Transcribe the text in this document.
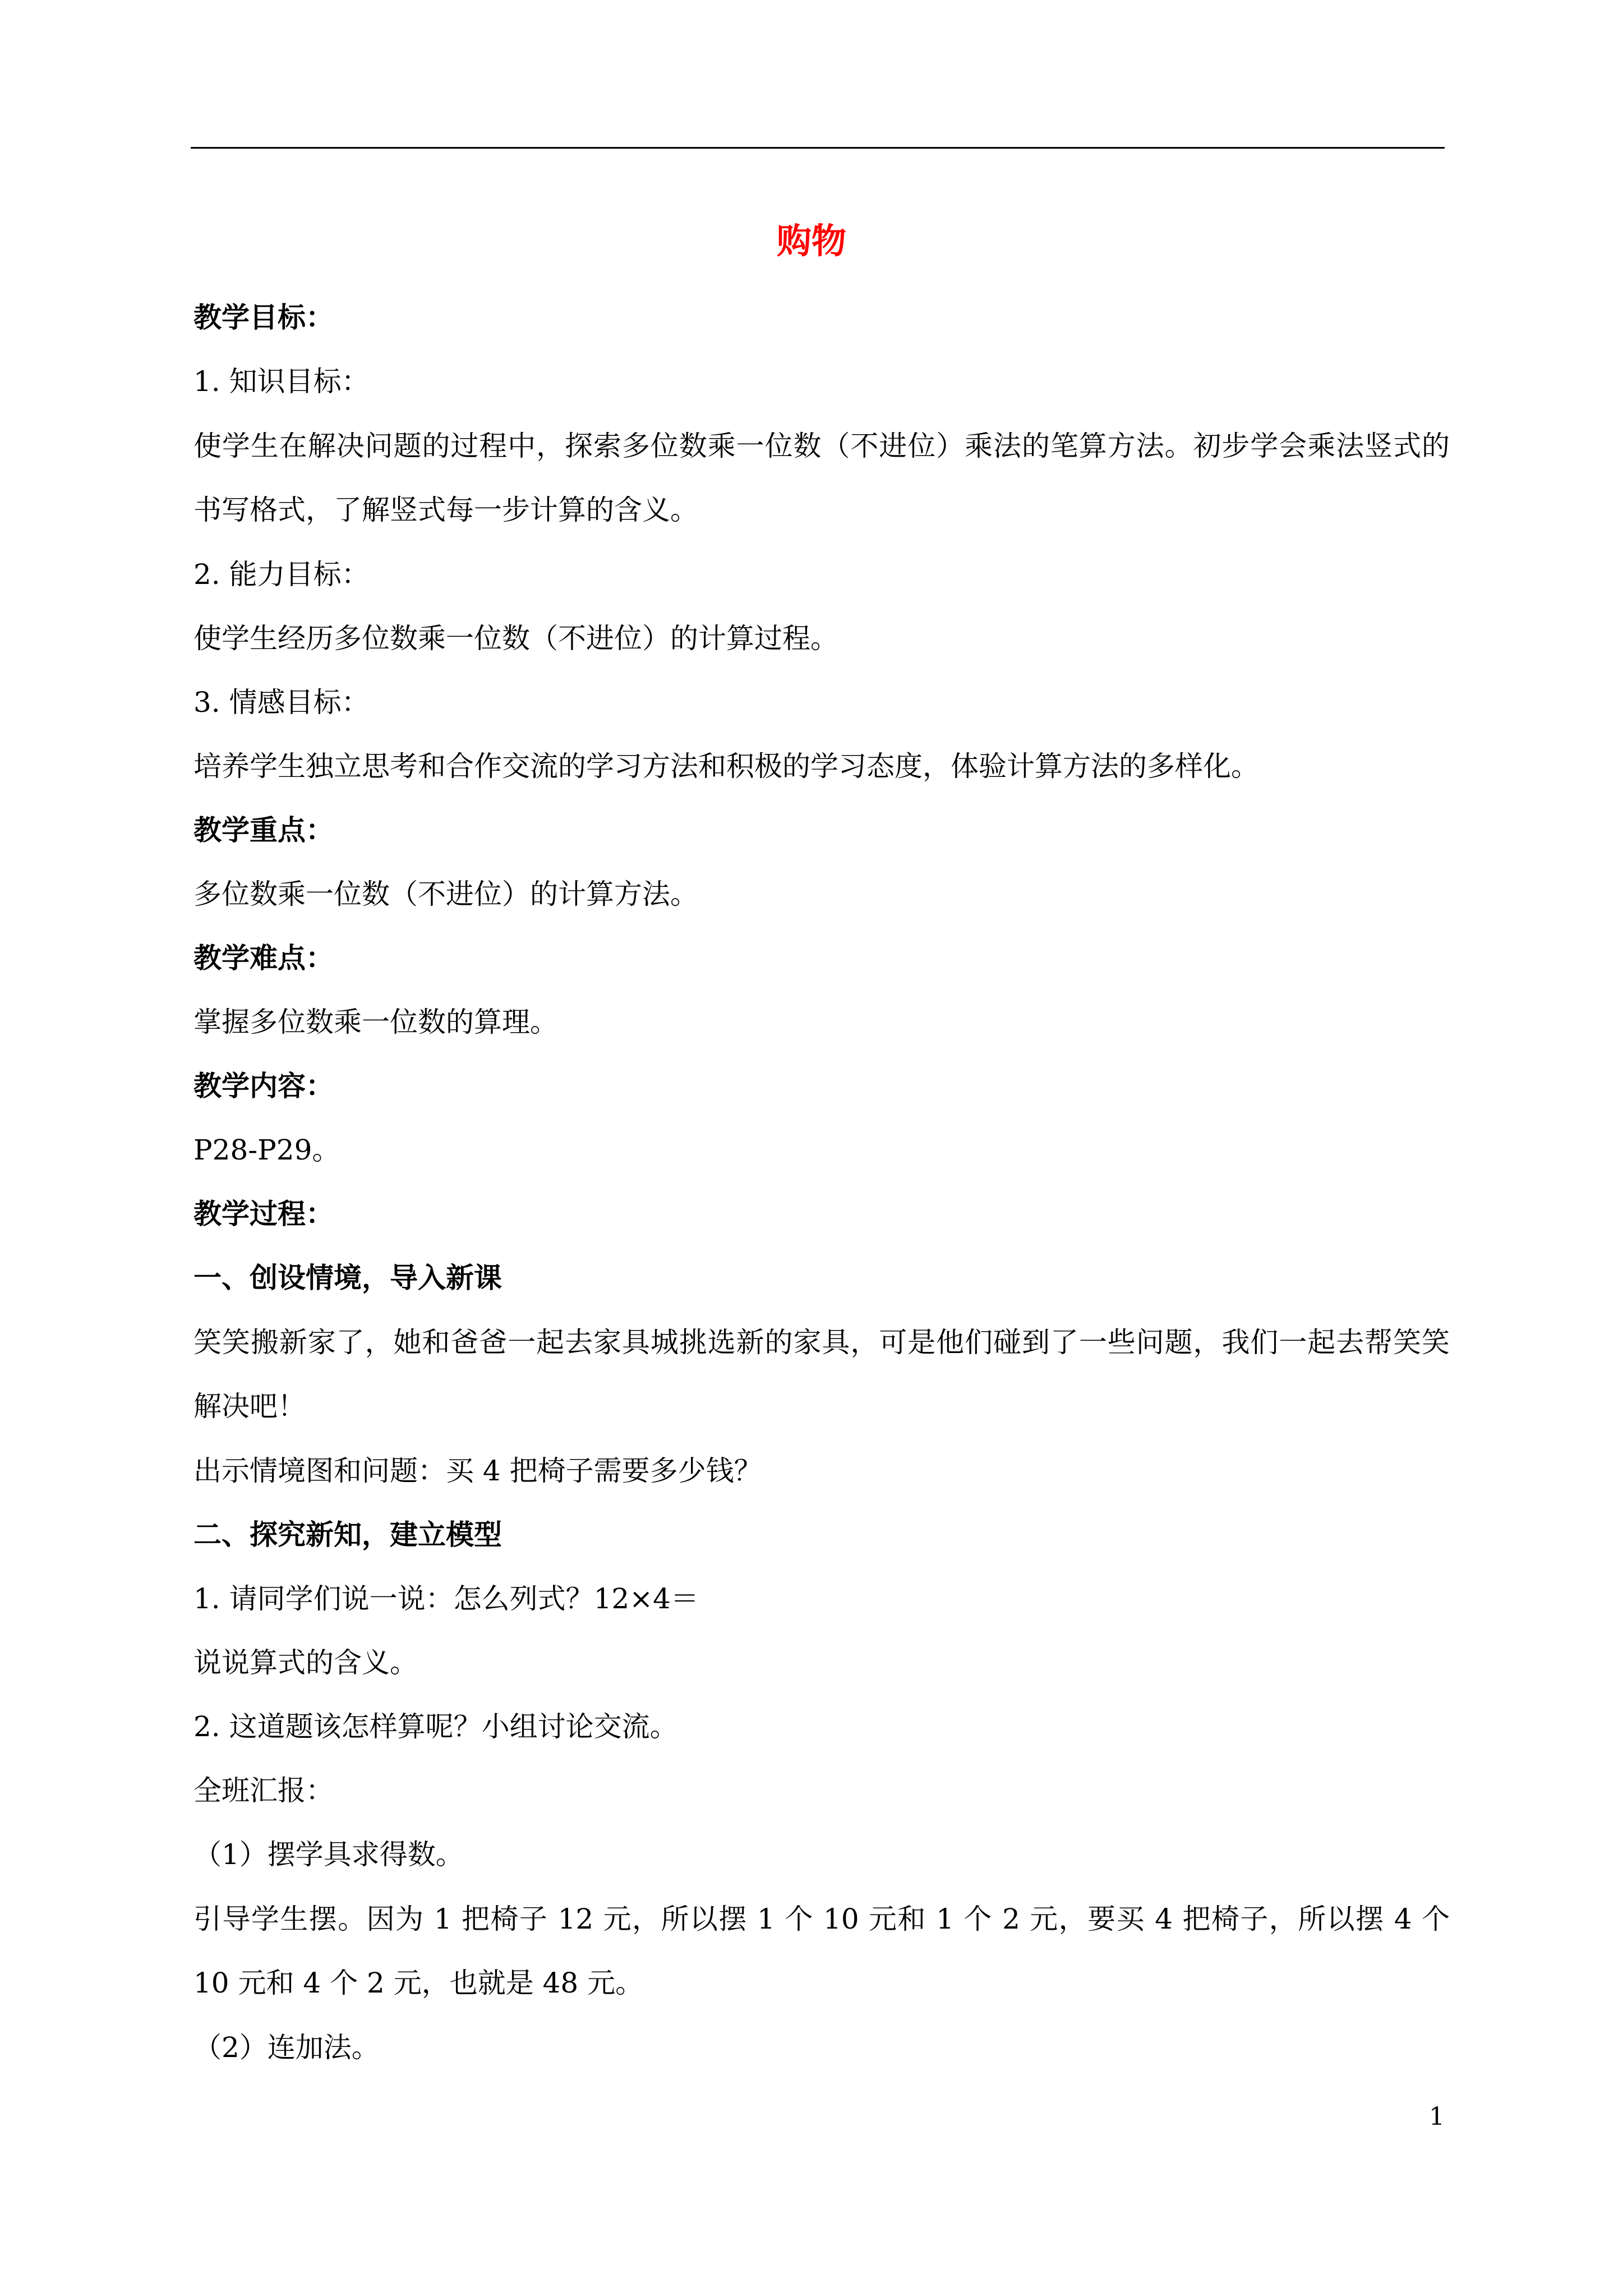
购物
教学目标：
1. 知识目标：
使学生在解决问题的过程中，探索多位数乘一位数（不进位）乘法的笔算方法。初步学会乘法竖式的书写格式，了解竖式每一步计算的含义。
2. 能力目标：
使学生经历多位数乘一位数（不进位）的计算过程。
3. 情感目标：
培养学生独立思考和合作交流的学习方法和积极的学习态度，体验计算方法的多样化。
教学重点：
多位数乘一位数（不进位）的计算方法。
教学难点：
掌握多位数乘一位数的算理。
教学内容：
P28-P29。
教学过程：
一、创设情境，导入新课
笑笑搬新家了，她和爸爸一起去家具城挑选新的家具，可是他们碰到了一些问题，我们一起去帮笑笑解决吧！
出示情境图和问题：买 4 把椅子需要多少钱？
二、探究新知，建立模型
1. 请同学们说一说：怎么列式？12×4＝
说说算式的含义。
2. 这道题该怎样算呢？小组讨论交流。
全班汇报：
（1）摆学具求得数。
引导学生摆。因为 1 把椅子 12 元，所以摆 1 个 10 元和 1 个 2 元，要买 4 把椅子，所以摆 4 个 10 元和 4 个 2 元，也就是 48 元。
（2）连加法。
1
